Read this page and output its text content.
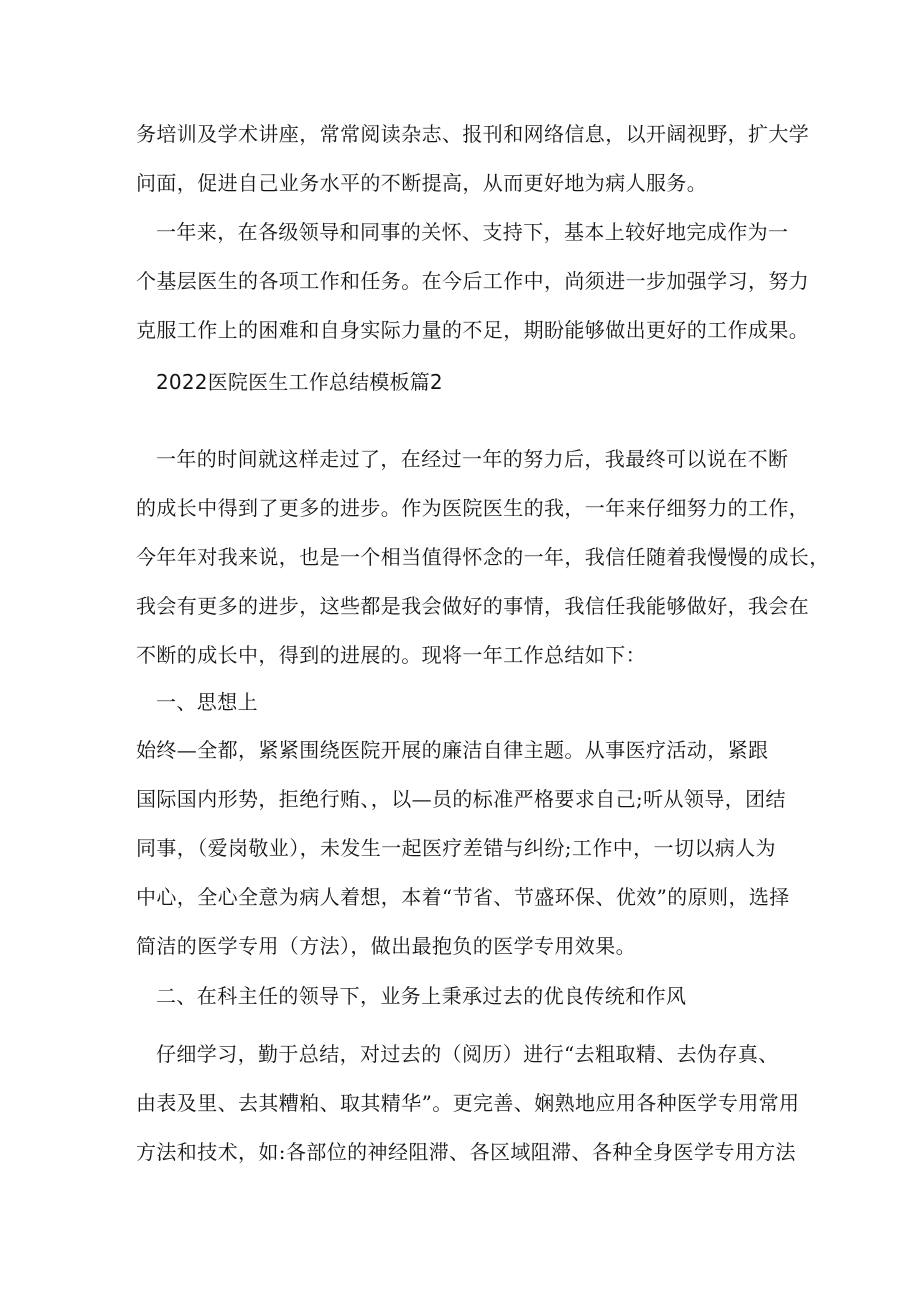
务培训及学术讲座，常常阅读杂志、报刊和网络信息，以开阔视野，扩大学

问面，促进自己业务水平的不断提高，从而更好地为病人服务。

一年来，在各级领导和同事的关怀、支持下，基本上较好地完成作为一

个基层医生的各项工作和任务。在今后工作中，尚须进一步加强学习，努力

克服工作上的困难和自身实际力量的不足，期盼能够做出更好的工作成果。

2022医院医生工作总结模板篇2

一年的时间就这样走过了，在经过一年的努力后，我最终可以说在不断

的成长中得到了更多的进步。作为医院医生的我，一年来仔细努力的工作，

今年年对我来说，也是一个相当值得怀念的一年，我信任随着我慢慢的成长，

我会有更多的进步，这些都是我会做好的事情，我信任我能够做好，我会在

不断的成长中，得到的进展的。现将一年工作总结如下：

一、思想上

始终—全都，紧紧围绕医院开展的廉洁自律主题。从事医疗活动，紧跟

国际国内形势，拒绝行贿、，以—员的标准严格要求自己;听从领导，团结

同事，（爱岗敬业），未发生一起医疗差错与纠纷;工作中，一切以病人为

中心，全心全意为病人着想，本着“节省、节盛环保、优效”的原则，选择

简洁的医学专用（方法），做出最抱负的医学专用效果。

二、在科主任的领导下，业务上秉承过去的优良传统和作风

仔细学习，勤于总结，对过去的（阅历）进行“去粗取精、去伪存真、

由表及里、去其糟粕、取其精华”。更完善、娴熟地应用各种医学专用常用

方法和技术，如:各部位的神经阻滞、各区域阻滞、各种全身医学专用方法
